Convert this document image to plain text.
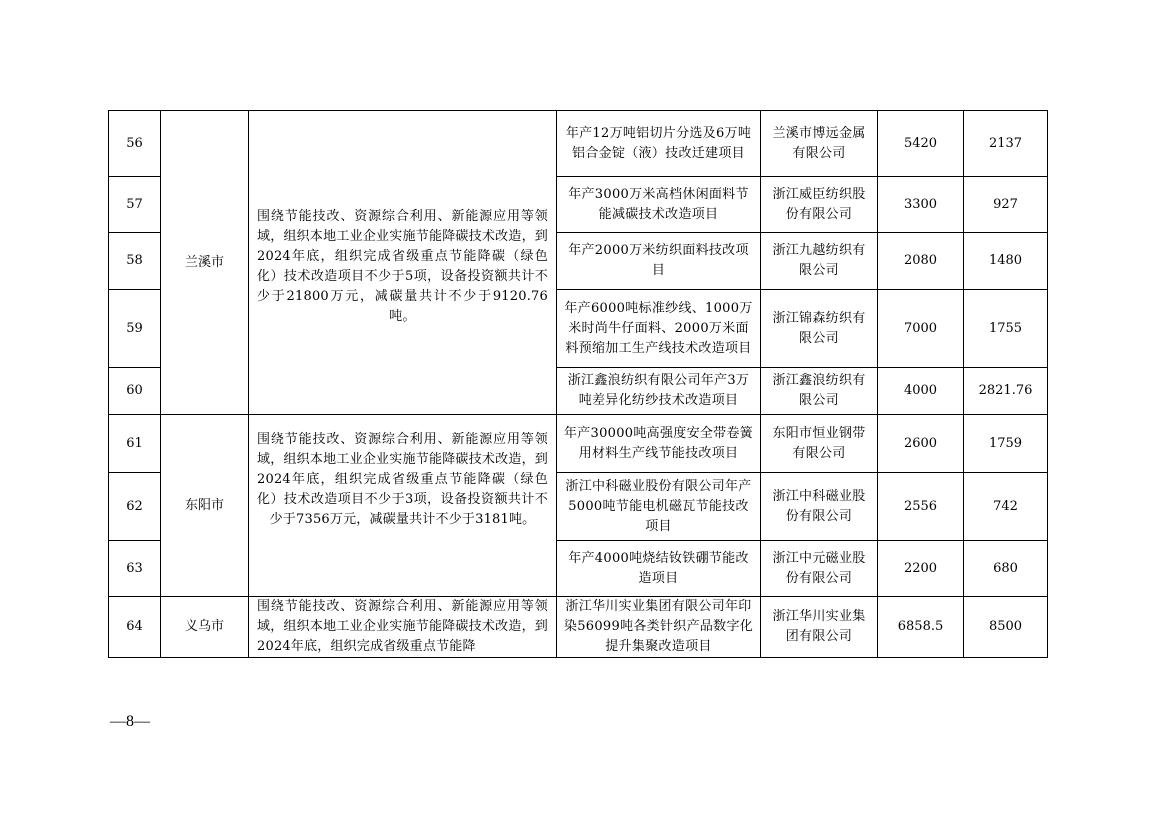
56	兰溪市	围绕节能技改、资源综合利用、新能源应用等领域，组织本地工业企业实施节能降碳技术改造，到2024年底，组织完成省级重点节能降碳（绿色化）技术改造项目不少于5项，设备投资额共计不少于21800万元，减碳量共计不少于9120.76吨。	年产12万吨铝切片分选及6万吨铝合金锭（液）技改迁建项目	兰溪市博远金属有限公司	5420	2137
57			年产3000万米高档休闲面料节能减碳技术改造项目	浙江威臣纺织股份有限公司	3300	927
58			年产2000万米纺织面料技改项目	浙江九越纺织有限公司	2080	1480
59			年产6000吨标准纱线、1000万米时尚牛仔面料、2000万米面料预缩加工生产线技术改造项目	浙江锦森纺织有限公司	7000	1755
60			浙江鑫浪纺织有限公司年产3万吨差异化纺纱技术改造项目	浙江鑫浪纺织有限公司	4000	2821.76
61	东阳市	围绕节能技改、资源综合利用、新能源应用等领域，组织本地工业企业实施节能降碳技术改造，到2024年底，组织完成省级重点节能降碳（绿色化）技术改造项目不少于3项，设备投资额共计不少于7356万元，减碳量共计不少于3181吨。	年产30000吨高强度安全带卷簧用材料生产线节能技改项目	东阳市恒业钢带有限公司	2600	1759
62			浙江中科磁业股份有限公司年产5000吨节能电机磁瓦节能技改项目	浙江中科磁业股份有限公司	2556	742
63			年产4000吨烧结钕铁硼节能改造项目	浙江中元磁业股份有限公司	2200	680
64	义乌市	围绕节能技改、资源综合利用、新能源应用等领域，组织本地工业企业实施节能降碳技术改造，到2024年底，组织完成省级重点节能降	浙江华川实业集团有限公司年印染56099吨各类针织产品数字化提升集聚改造项目	浙江华川实业集团有限公司	6858.5	8500
—8—
